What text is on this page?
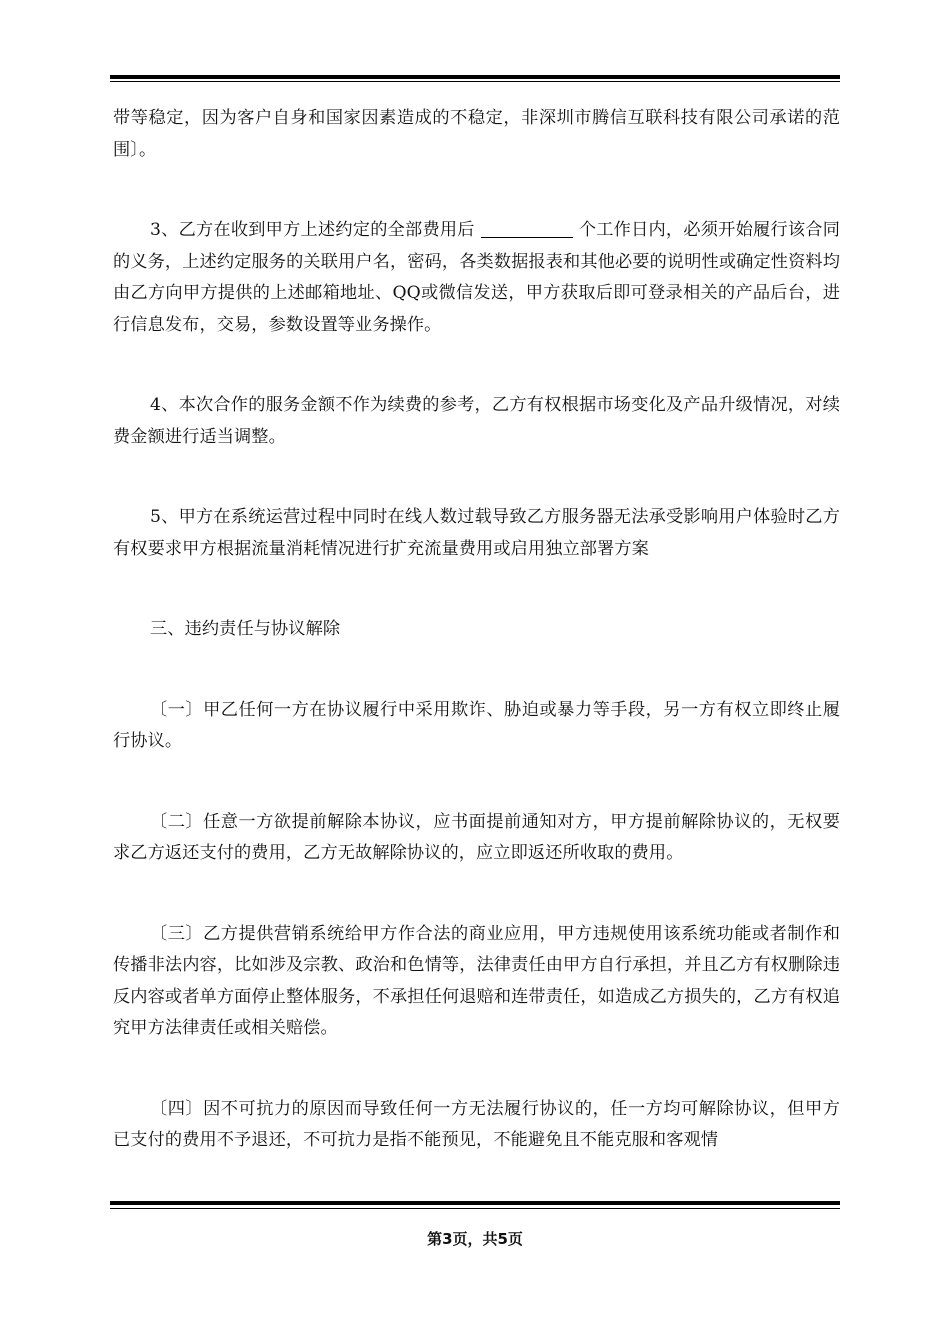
带等稳定，因为客户自身和国家因素造成的不稳定，非深圳市腾信互联科技有限公司承诺的范围〕。

3、乙方在收到甲方上述约定的全部费用后	个工作日内，必须开始履行该合同的义务，上述约定服务的关联用户名，密码，各类数据报表和其他必要的说明性或确定性资料均由乙方向甲方提供的上述邮箱地址、QQ或微信发送，甲方获取后即可登录相关的产品后台，进行信息发布，交易，参数设置等业务操作。

4、本次合作的服务金额不作为续费的参考，乙方有权根据市场变化及产品升级情况，对续费金额进行适当调整。

5、甲方在系统运营过程中同时在线人数过载导致乙方服务器无法承受影响用户体验时乙方有权要求甲方根据流量消耗情况进行扩充流量费用或启用独立部署方案

三、违约责任与协议解除

〔一〕甲乙任何一方在协议履行中采用欺诈、胁迫或暴力等手段，另一方有权立即终止履行协议。

〔二〕任意一方欲提前解除本协议，应书面提前通知对方，甲方提前解除协议的，无权要求乙方返还支付的费用，乙方无故解除协议的，应立即返还所收取的费用。

〔三〕乙方提供营销系统给甲方作合法的商业应用，甲方违规使用该系统功能或者制作和传播非法内容，比如涉及宗教、政治和色情等，法律责任由甲方自行承担，并且乙方有权删除违反内容或者单方面停止整体服务，不承担任何退赔和连带责任，如造成乙方损失的，乙方有权追究甲方法律责任或相关赔偿。

〔四〕因不可抗力的原因而导致任何一方无法履行协议的，任一方均可解除协议，但甲方已支付的费用不予退还，不可抗力是指不能预见，不能避免且不能克服和客观情

第3页，共5页
